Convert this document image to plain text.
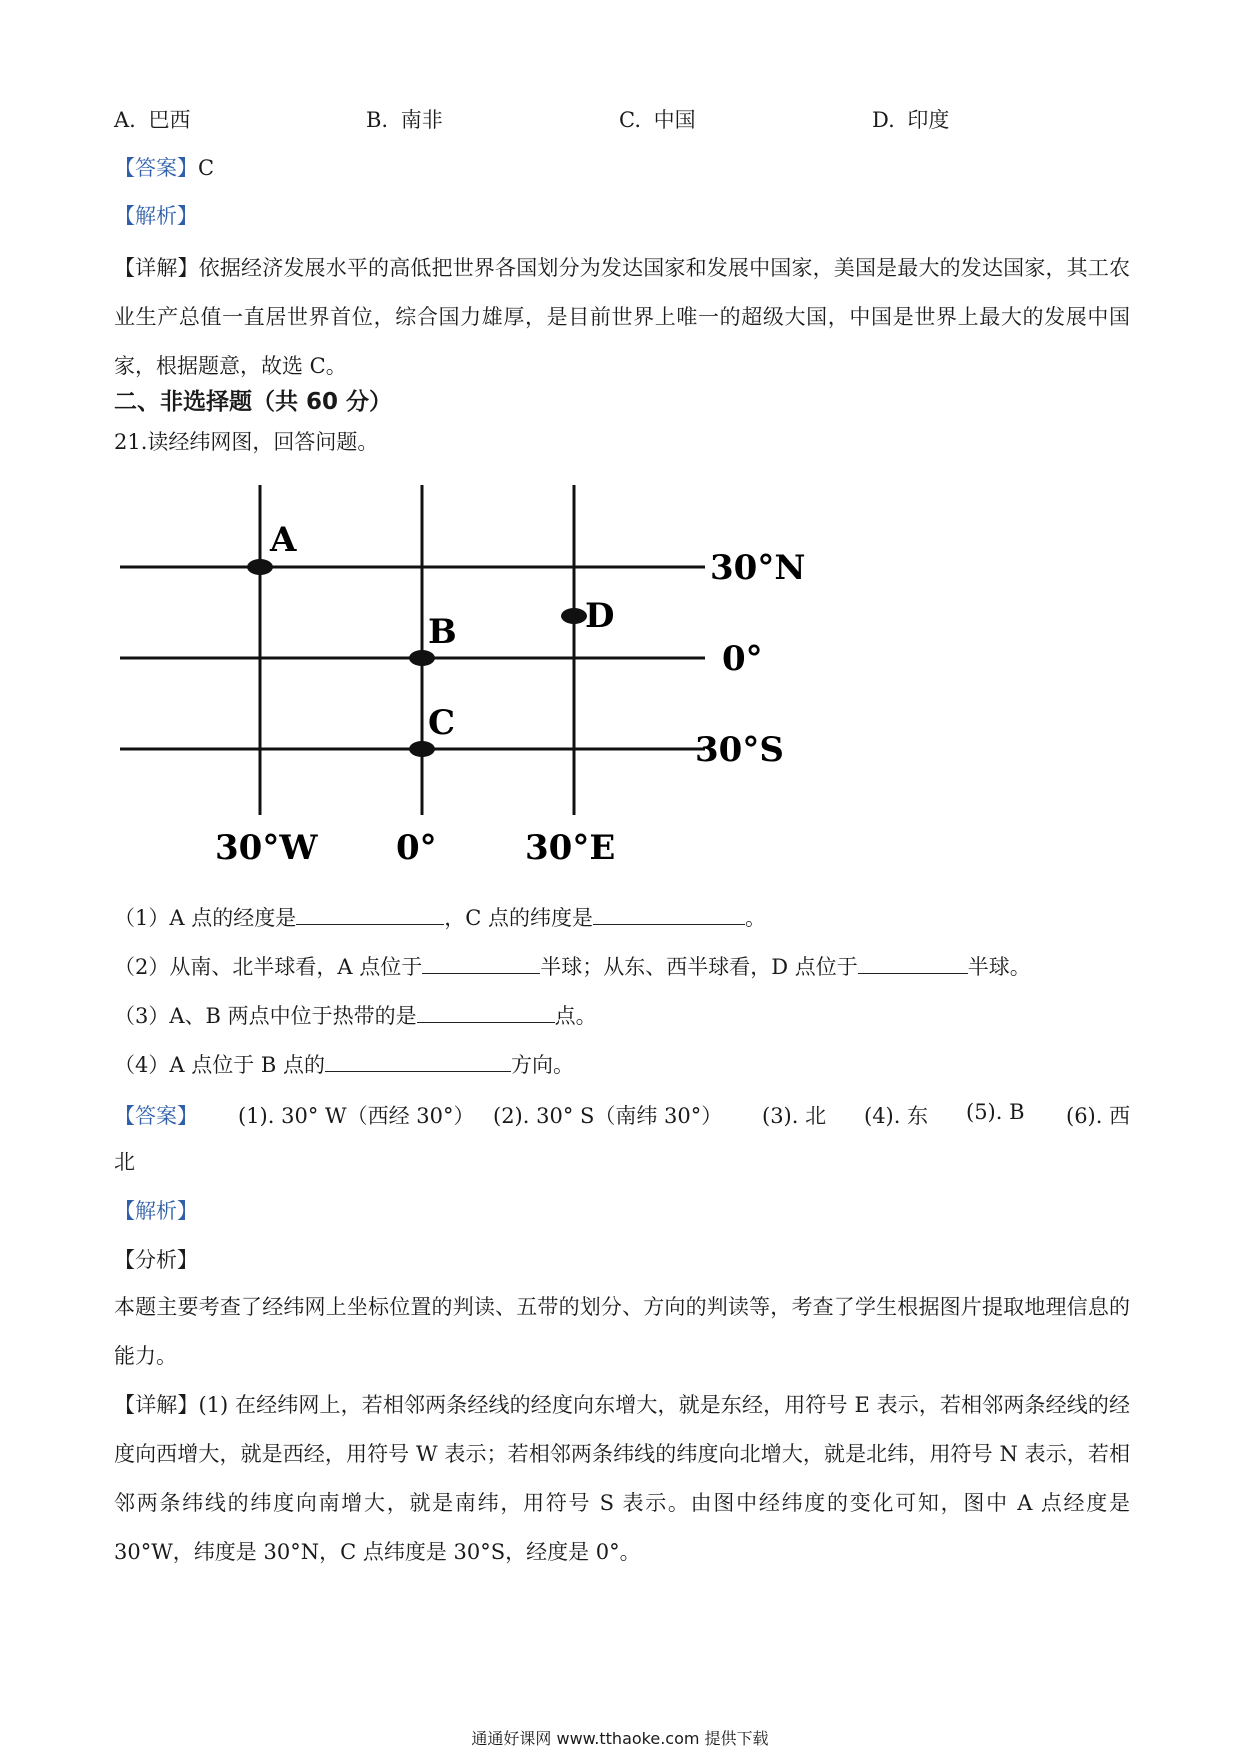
A. 巴西	B. 南非	C. 中国	D. 印度
【答案】C
【解析】
【详解】依据经济发展水平的高低把世界各国划分为发达国家和发展中国家，美国是最大的发达国家，其工农业生产总值一直居世界首位，综合国力雄厚，是目前世界上唯一的超级大国，中国是世界上最大的发展中国家，根据题意，故选 C。
二、非选择题（共 60 分）
21.读经纬网图，回答问题。
30°N
0°
30°S
30°W 0°	30°E
A
B
C
D
（1）A 点的经度是	，C 点的纬度是	。
（2）从南、北半球看，A 点位于	半球；从东、西半球看，D 点位于	半球。
（3）A、B 两点中位于热带的是	点。
（4）A 点位于 B 点的	方向。
【答案】 (1). 30° W（西经 30°） (2). 30° S（南纬 30°） (3). 北 (4). 东 (5). B (6). 西
北
【解析】
【分析】
本题主要考查了经纬网上坐标位置的判读、五带的划分、方向的判读等，考查了学生根据图片提取地理信息的能力。
【详解】(1) 在经纬网上，若相邻两条经线的经度向东增大，就是东经，用符号 E 表示，若相邻两条经线的经度向西增大，就是西经，用符号 W 表示；若相邻两条纬线的纬度向北增大，就是北纬，用符号 N 表示，若相邻两条纬线的纬度向南增大，就是南纬，用符号 S 表示。由图中经纬度的变化可知，图中 A 点经度是 30°W，纬度是 30°N，C 点纬度是 30°S，经度是 0°。
通通好课网 www.tthaoke.com 提供下载
